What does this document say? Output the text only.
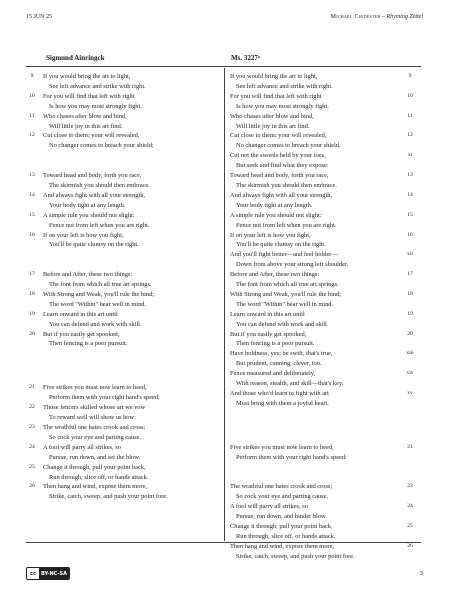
15 JUN 25	Michael Chidester – Rhyming Zettel
Sigmund Ainringck	Ms. 3227ᵃ
9	If you would bring the art to light,
See left advance and strike with right.
10	For you will find that left with right
Is how you may most strongly fight.
11	Who chases after blow and bind,
Will little joy in this art find.
12	Cut close to them; your will revealed,
No changer comes to breach your shield;

13	Toward head and body, forth you race,
The skirmish you should then embrace.
14	And always fight with all your strength,
Your body tight at any length.
15	A simple rule you should not slight:
Fence not from left when you are right.
16	If on your left is how you fight,
You'll be quite clumsy on the right.

17	Before and After, these two things:
The font from which all true art springs.
18	With Strong and Weak, you'll rule the bind;
The word "Within" bear well in mind.
19	Learn onward in this art until
You can defend and work with skill.
20	But if you easily get spooked,
Then fencing is a poor pursuit.
21	Five strikes you must now learn to heed,
Perform them with your right hand's speed;
22	Those fencers skilled whose art we vow
To reward well will show us how:
23	The wrathful one hates crook and cross;
So cock your eye and parting cause.
24	A fool will parry all strikes, so
Pursue, run down, and set the blow.
25	Change it through, pull your point back,
Run through, slice off, or hands attack.
26	Then hang and wind, expose them more,
Strike, catch, sweep, and push your point fore.
9
If you would bring the art to light,
See left advance and strike with right.
10
For you will find that left with right
Is how you may most strongly fight.
11
Who chases after blow and bind,
Will little joy in this art find.
12
Cut close to them; your will revealed,
No changer comes to breach your shield.
xi
Cut not the swords held by your foes,
But seek and find what they expose:
13
Toward head and body, forth you race,
The skirmish you should then embrace.
14
And always fight with all your strength,
Your body tight at any length.
15
A simple rule you should not slight:
Fence not from left when you are right.
16
If on your left is how you fight,
You'll be quite clumsy on the right.
xii
And you'll fight better—and feel bolder—
Down from above your strong left shoulder.
17
Before and After, these two things:
The font from which all true art springs.
18
With Strong and Weak, you'll rule the bind;
The word "Within" bear well in mind.
19
Learn onward in this art until
You can defend with work and skill.
20
But if you easily get spooked,
Then fencing is a poor pursuit.
xiii
Have boldness, yes; be swift, that's true,
But prudent, cunning, clever, too.
xiv
Fence measured and deliberately,
With reason, stealth, and skill—that's key.
xv
And those who'd learn to fight with art
Must bring with them a joyful heart.
21
Five strikes you must now learn to heed,
Perform them with your right hand's speed:

23
The wrathful one hates crook and cross;
So cock your eye and parting cause.
24
A fool will parry all strikes, so
Pursue, run down, and hinder blow.
25
Change it through, pull your point back,
Run through, slice off, or hands attack.
26
Then hang and wind, expose them more,
Strike, catch, sweep, and push your point fore.
cc	BY-NC-SA	3
